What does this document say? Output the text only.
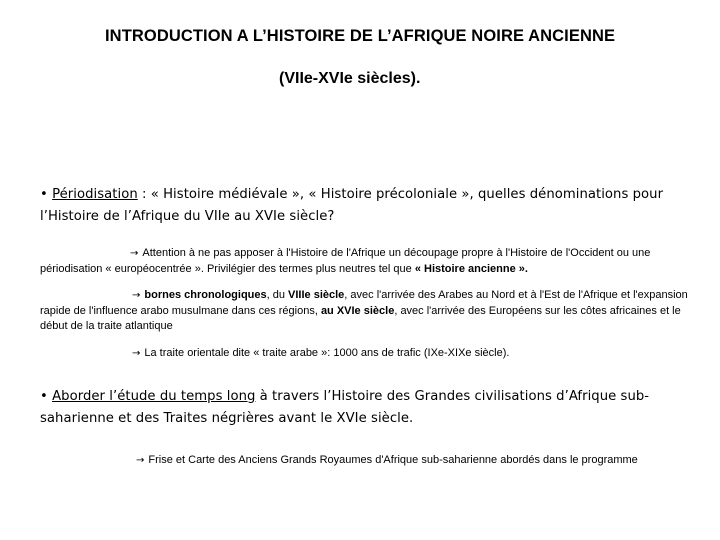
INTRODUCTION A L’HISTOIRE DE L’AFRIQUE NOIRE ANCIENNE
(VIIe-XVIe siècles).
• Périodisation : « Histoire médiévale », « Histoire précoloniale », quelles dénominations pour l’Histoire de l’Afrique du VIIe au XVIe siècle?
→ Attention à ne pas apposer à l'Histoire de l'Afrique un découpage propre à l'Histoire de l'Occident ou une périodisation « européocentrée ». Privilégier des termes plus neutres tel que « Histoire ancienne ».
→ bornes chronologiques, du VIIIe siècle, avec l'arrivée des Arabes au Nord et à l'Est de l'Afrique et l'expansion rapide de l'influence arabo musulmane dans ces régions, au XVIe siècle, avec l'arrivée des Européens sur les côtes africaines et le début de la traite atlantique
→ La traite orientale dite « traite arabe »: 1000 ans de trafic (IXe-XIXe siècle).
• Aborder l’étude du temps long à travers l’Histoire des Grandes civilisations d’Afrique sub-saharienne et des Traites négrières avant le XVIe siècle.
→ Frise et Carte des Anciens Grands Royaumes d'Afrique sub-saharienne abordés dans le programme
